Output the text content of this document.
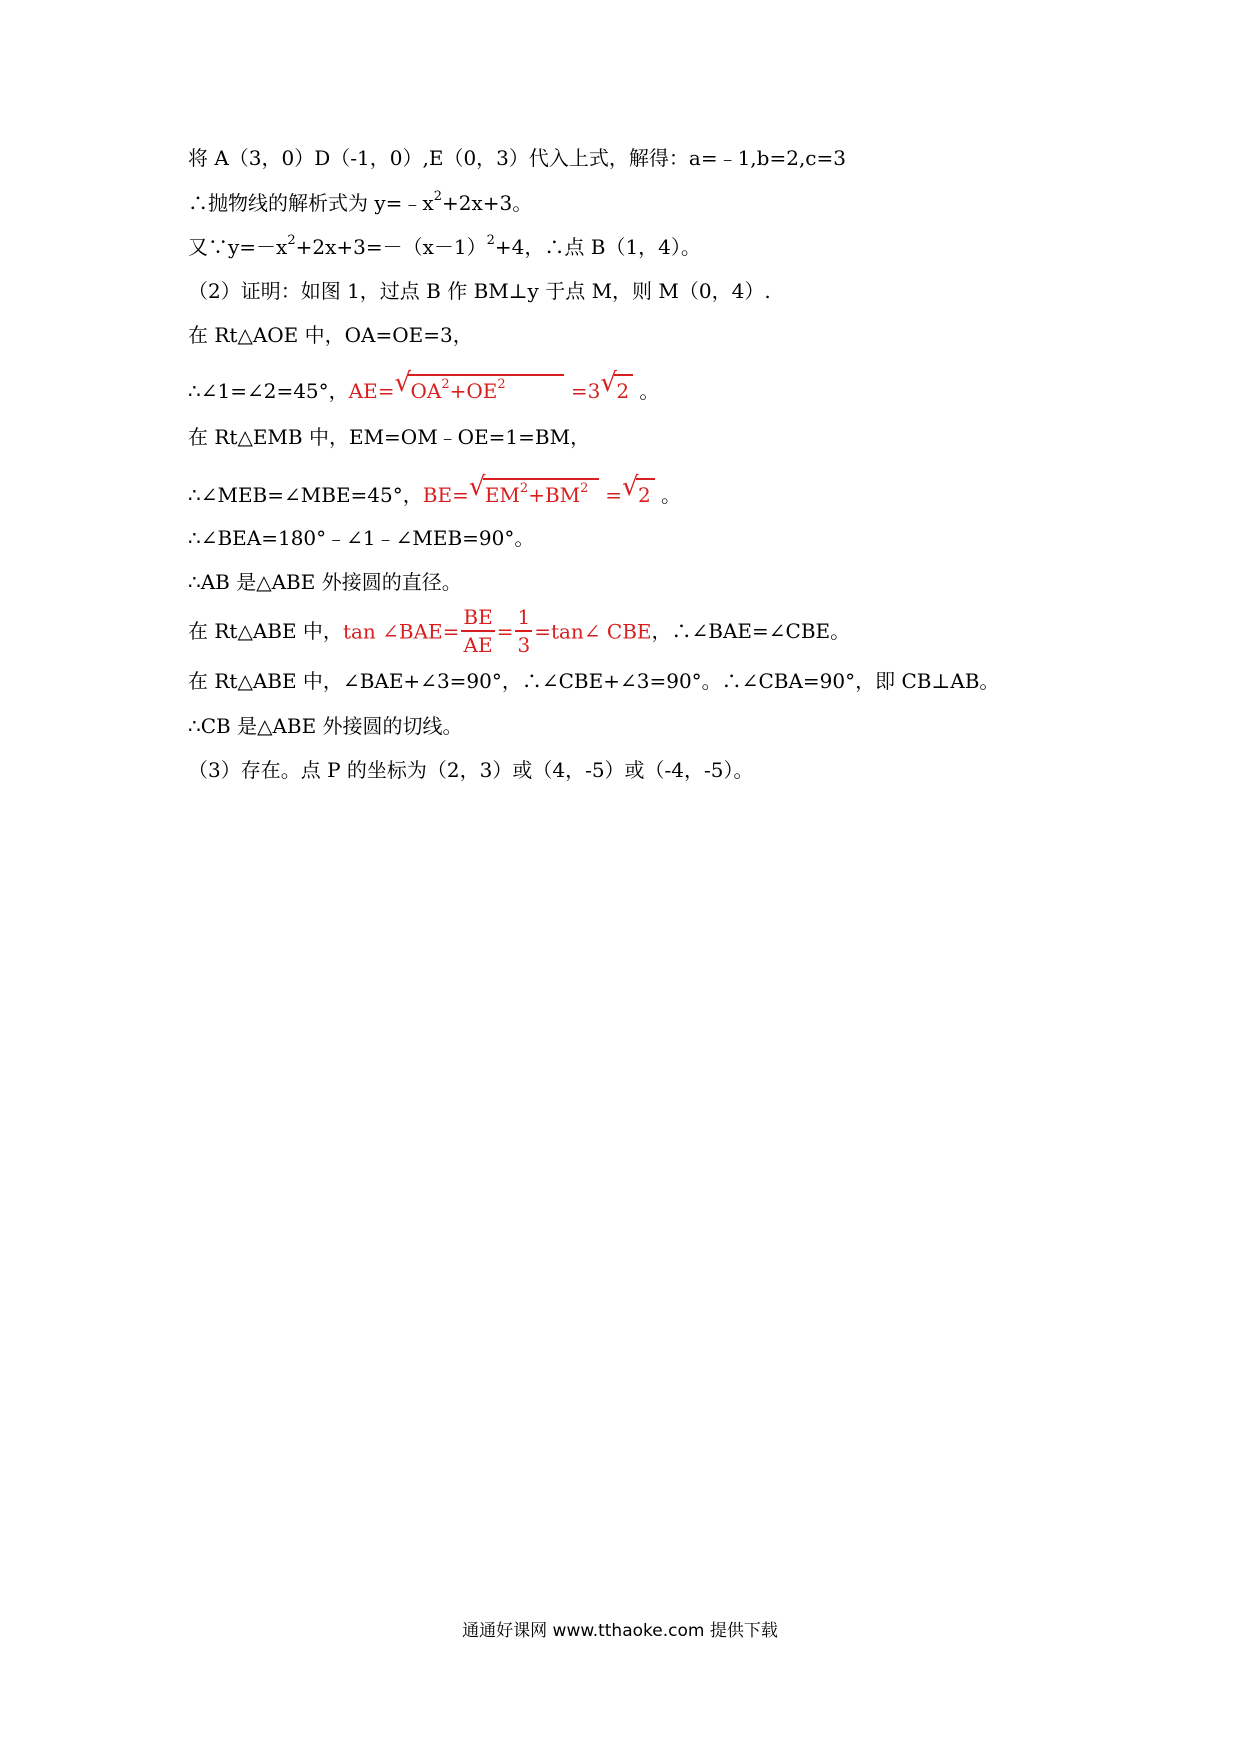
将 A（3，0）D（-1，0）,E（0，3）代入上式，解得：a=﹣1,b=2,c=3
∴抛物线的解析式为 $y=﹣x^2+2x+3$。
又$\because y=-x^2+2x+3=-(x-1)^2+4$，∴点 B（1，4）。
（2）证明：如图 1，过点 B 作 BM⊥y 于点 M，则 M（0，4）.
在 Rt△AOE 中，OA=OE=3，
∴∠1=∠2=45°，AE= √ $OA^2+OE^2$	=3 √ 2 。
在 Rt△EMB 中，EM=OM﹣OE=1=BM，
∴∠MEB=∠MBE=45°，BE= √ $EM^2+BM^2$ = √ 2 。
∴∠BEA=180°﹣∠1﹣∠MEB=90°。
∴AB 是△ABE 外接圆的直径。
在 Rt△ABE 中，tan ∠BAE= $\frac{BE}{AE} = \frac{1}{3}$ =tan∠ CBE，∴∠BAE=∠CBE。
在 Rt△ABE 中，∠BAE+∠3=90°，∴∠CBE+∠3=90°。∴∠CBA=90°，即 CB⊥AB。
∴CB 是△ABE 外接圆的切线。
（3）存在。点 P 的坐标为（2，3）或（4，-5）或（-4，-5）。
通通好课网 www.tthaoke.com 提供下载
